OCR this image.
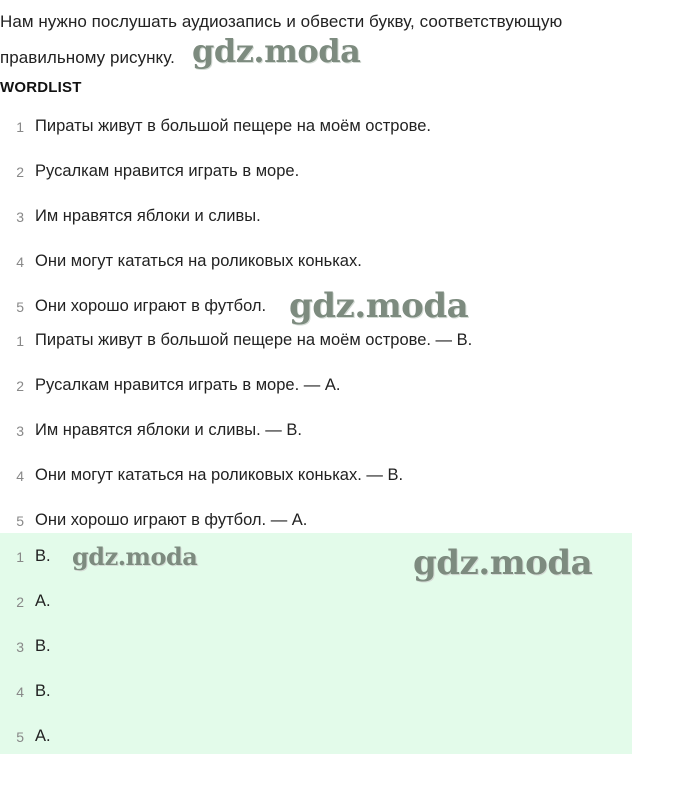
Нам нужно послушать аудиозапись и обвести букву, соответствующую правильному рисунку.

WORDLIST
1 Пираты живут в большой пещере на моём острове.
2 Русалкам нравится играть в море.
3 Им нравятся яблоки и сливы.
4 Они могут кататься на роликовых коньках.
5 Они хорошо играют в футбол.
1 Пираты живут в большой пещере на моём острове. — B.
2 Русалкам нравится играть в море. — A.
3 Им нравятся яблоки и сливы. — B.
4 Они могут кататься на роликовых коньках. — B.
5 Они хорошо играют в футбол. — A.
1 B.
2 A.
3 B.
4 B.
5 A.
gdz.moda
gdz.moda
gdz.moda	gdz.moda
